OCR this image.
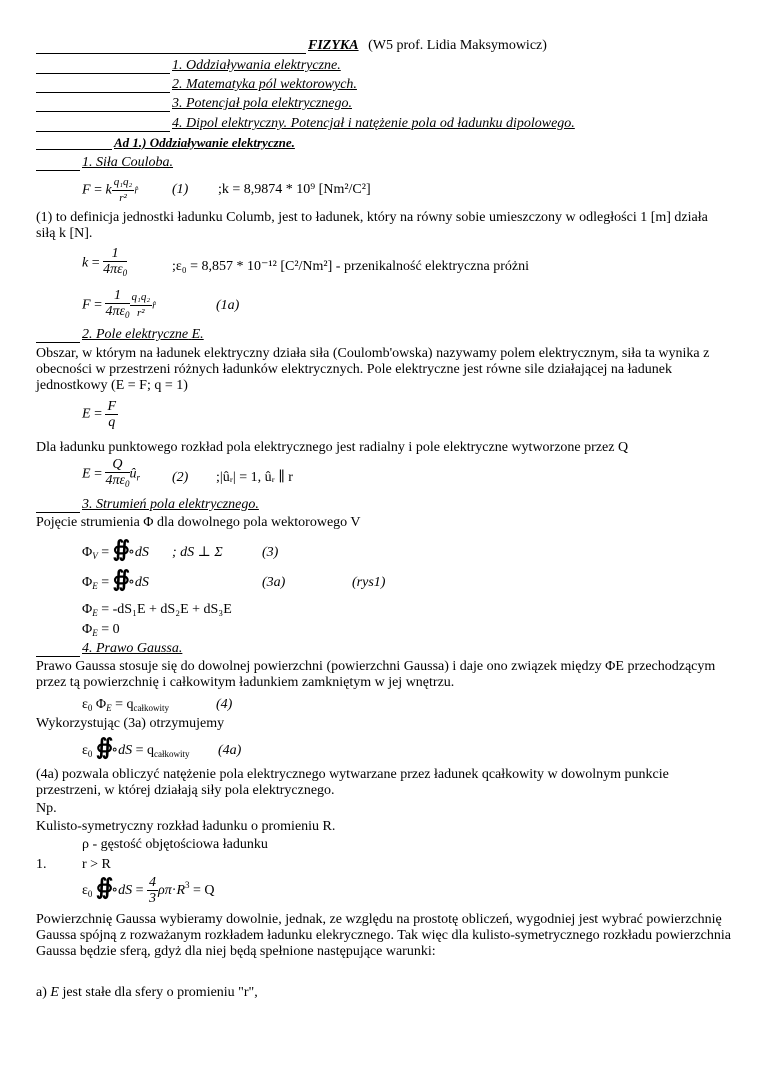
FIZYKA (W5 prof. Lidia Maksymowicz)
1. Oddziaływania elektryczne.
2. Matematyka pól wektorowych.
3. Potencjał pola elektrycznego.
4. Dipol elektryczny. Potencjał i natężenie pola od ładunku dipolowego.
Ad 1.) Oddziaływanie elektryczne.
1. Siła Couloba.
F = k $\frac{\text{q₁q₂}}{\text{r²}}$ r̂ (1) ;k = 8,9874 * 10⁹ [Nm²/C²]
(1) to definicja jednostki ładunku Columb, jest to ładunek, który na równy sobie umieszczony w odległości 1 [m] działa siłą k [N].
$k = \frac{1}{4\pi\varepsilon_0}$	;ε₀ = 8,857 * 10⁻¹² [C²/Nm²] - przenikalność elektryczna próżni
$F = \frac{1}{4\pi\varepsilon_0} \frac{\text{q₁q₂}}{\text{r²}}$ r̂	(1a)
2. Pole elektryczne E.
Obszar, w którym na ładunek elektryczny działa siła (Coulomb'owska) nazywamy polem elektrycznym, siła ta wynika z obecności w przestrzeni różnych ładunków elektrycznych. Pole elektryczne jest równe sile działającej na ładunek jednostkowy (E = F; q = 1)
$E = \frac{F}{q}$
Dla ładunku punktowego rozkład pola elektrycznego jest radialny i pole elektryczne wytworzone przez Q
$E = \frac{Q}{4\pi\varepsilon_0}$ $û_r$ (2) ;|ûᵣ| = 1, ûᵣ ∥ r
3. Strumień pola elektrycznego.
Pojęcie strumienia Φ dla dowolnego pola wektorowego V
$\Phi_V$ = ∯∘dS ; dS ⊥ Σ	(3)
$\Phi_E$ = ∯∘dS	(3a)	(rys1)
$\Phi_E = -dS_1E + dS_2E + dS_3E$
$\Phi_E = 0$
4. Prawo Gaussa.
Prawo Gaussa stosuje się do dowolnej powierzchni (powierzchni Gaussa) i daje ono związek między ΦE przechodzącym przez tą powierzchnię i całkowitym ładunkiem zamkniętym w jej wnętrzu.
$\varepsilon_0$ $\Phi_E = q_{całkowity}$	(4)
Wykorzystując (3a) otrzymujemy
$\varepsilon_0$ ∯∘dS = $q_{całkowity}$ (4a)
(4a) pozwala obliczyć natężenie pola elektrycznego wytwarzane przez ładunek qcałkowity w dowolnym punkcie przestrzeni, w której działają siły pola elektrycznego.
Np.
Kulisto-symetryczny rozkład ładunku o promieniu R.
ρ - gęstość objętościowa ładunku
1.	r > R
$\varepsilon_0$ ∯∘dS = $\frac{4}{3} \rho\pi\cdot R^3 = Q$
Powierzchnię Gaussa wybieramy dowolnie, jednak, ze względu na prostotę obliczeń, wygodniej jest wybrać powierzchnię Gaussa spójną z rozważanym rozkładem ładunku elekrycznego. Tak więc dla kulisto-symetrycznego rozkładu powierzchnia Gaussa będzie sferą, gdyż dla niej będą spełnione następujące warunki:
a) E jest stałe dla sfery o promieniu "r",
